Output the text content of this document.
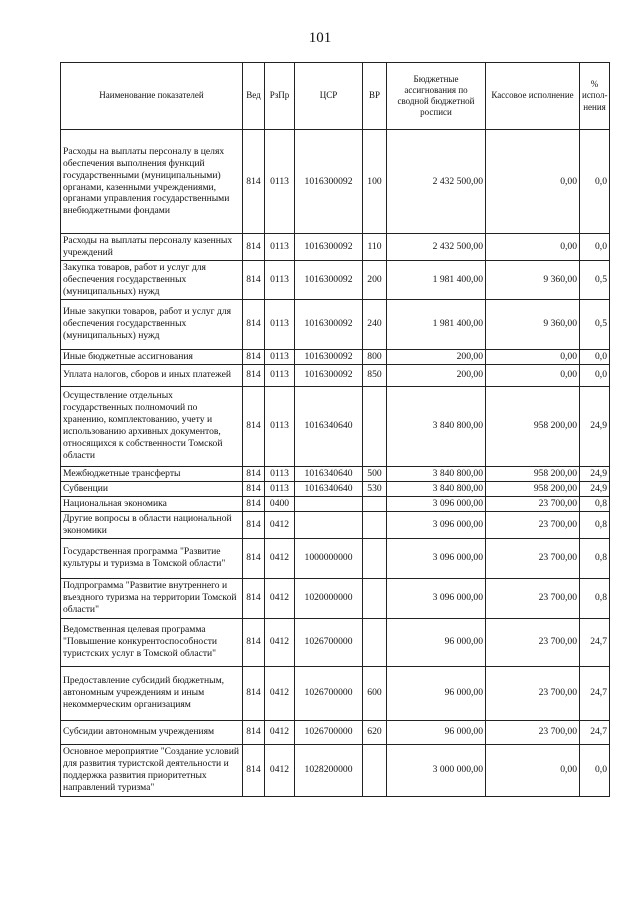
101
Наименование показателей	Вед	РзПр	ЦСР	ВР	Бюджетные ассигнования по сводной бюджетной росписи	Кассовое исполнение	% испол-нения
Расходы на выплаты персоналу в целях обеспечения выполнения функций государственными (муниципальными) органами, казенными учреждениями, органами управления государственными внебюджетными фондами	814	0113	1016300092	100	2 432 500,00	0,00	0,0
Расходы на выплаты персоналу казенных учреждений	814	0113	1016300092	110	2 432 500,00	0,00	0,0
Закупка товаров, работ и услуг для обеспечения государственных (муниципальных) нужд	814	0113	1016300092	200	1 981 400,00	9 360,00	0,5
Иные закупки товаров, работ и услуг для обеспечения государственных (муниципальных) нужд	814	0113	1016300092	240	1 981 400,00	9 360,00	0,5
Иные бюджетные ассигнования	814	0113	1016300092	800	200,00	0,00	0,0
Уплата налогов, сборов и иных платежей	814	0113	1016300092	850	200,00	0,00	0,0
Осуществление отдельных государственных полномочий по хранению, комплектованию, учету и использованию архивных документов, относящихся к собственности Томской области	814	0113	1016340640		3 840 800,00	958 200,00	24,9
Межбюджетные трансферты	814	0113	1016340640	500	3 840 800,00	958 200,00	24,9
Субвенции	814	0113	1016340640	530	3 840 800,00	958 200,00	24,9
Национальная экономика	814	0400			3 096 000,00	23 700,00	0,8
Другие вопросы в области национальной экономики	814	0412			3 096 000,00	23 700,00	0,8
Государственная программа "Развитие культуры и туризма в Томской области"	814	0412	1000000000		3 096 000,00	23 700,00	0,8
Подпрограмма "Развитие внутреннего и въездного туризма на территории Томской области"	814	0412	1020000000		3 096 000,00	23 700,00	0,8
Ведомственная целевая программа "Повышение конкурентоспособности туристских услуг в Томской области"	814	0412	1026700000		96 000,00	23 700,00	24,7
Предоставление субсидий бюджетным, автономным учреждениям и иным некоммерческим организациям	814	0412	1026700000	600	96 000,00	23 700,00	24,7
Субсидии автономным учреждениям	814	0412	1026700000	620	96 000,00	23 700,00	24,7
Основное мероприятие "Создание условий для развития туристской деятельности и поддержка развития приоритетных направлений туризма"	814	0412	1028200000		3 000 000,00	0,00	0,0
